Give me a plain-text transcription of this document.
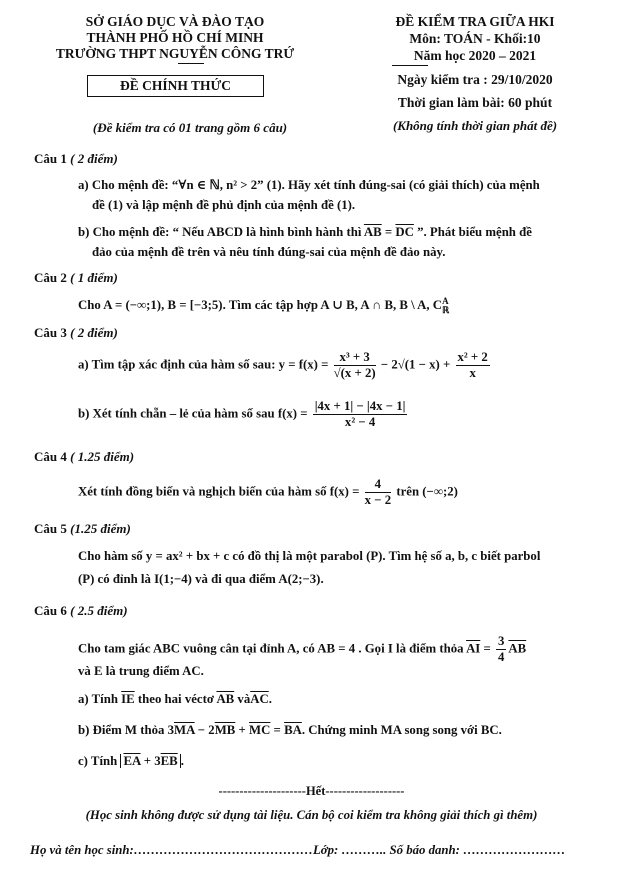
SỞ GIÁO DỤC VÀ ĐÀO TẠO
THÀNH PHỐ HỒ CHÍ MINH
TRƯỜNG THPT NGUYỄN CÔNG TRỨ
ĐỀ CHÍNH THỨC
(Đề kiểm tra có 01 trang gồm 6 câu)
ĐỀ KIỂM TRA GIỮA HKI
Môn: TOÁN - Khối:10
Năm học 2020 – 2021
Ngày kiểm tra : 29/10/2020
Thời gian làm bài: 60 phút
(Không tính thời gian phát đề)
Câu 1 ( 2 điểm)
a) Cho mệnh đề: “∀n ∈ ℕ, n² > 2” (1). Hãy xét tính đúng-sai (có giải thích) của mệnh
đề (1) và lập mệnh đề phủ định của mệnh đề (1).
b) Cho mệnh đề: “ Nếu ABCD là hình bình hành thì $\overline{AB} = \overline{DC}$ ”. Phát biểu mệnh đề
đảo của mệnh đề trên và nêu tính đúng-sai của mệnh đề đảo này.
Câu 2 ( 1 điểm)
Cho A = (−∞;1), B = [−3;5). Tìm các tập hợp A ∪ B, A ∩ B, B \ A, C A
ℝ
Câu 3 ( 2 điểm)
a) Tìm tập xác định của hàm số sau: $y = f(x) = \frac{\text{x³ + 3}}{√(x + 2)} - 2√(1 - x) + \frac{\text{x² + 2}}{x}$
b) Xét tính chẵn – lẻ của hàm số sau $f(x) = \frac{|4x + 1| - |4x - 1|}{\text{x² − 4}}$
Câu 4 ( 1.25 điểm)
Xét tính đồng biến và nghịch biến của hàm số $f(x) = \frac{4}{x - 2}$ trên (−∞;2)
Câu 5 (1.25 điểm)
Cho hàm số y = ax² + bx + c có đồ thị là một parabol (P). Tìm hệ số a, b, c biết parbol
(P) có đỉnh là I(1;−4) và đi qua điểm A(2;−3).
Câu 6 ( 2.5 điểm)
Cho tam giác ABC vuông cân tại đỉnh A, có AB = 4 . Gọi I là điểm thỏa $\overline{AI} = \frac{3}{4} \overline{AB}$
và E là trung điểm AC.
a) Tính $\overline{IE}$ theo hai véctơ $\overline{AB}$ $và\overline{AC}$.
b) Điểm M thỏa $3\overline{MA} - 2\overline{MB} + \overline{MC} = \overline{BA}$. Chứng minh MA song song với BC.
c) Tính $\overline{EA} + 3\overline{EB}$ .
---------------------Hết-------------------
(Học sinh không được sử dụng tài liệu. Cán bộ coi kiểm tra không giải thích gì thêm)
Họ và tên học sinh:……………………………………Lớp: ……….. Số báo danh: ……………………
